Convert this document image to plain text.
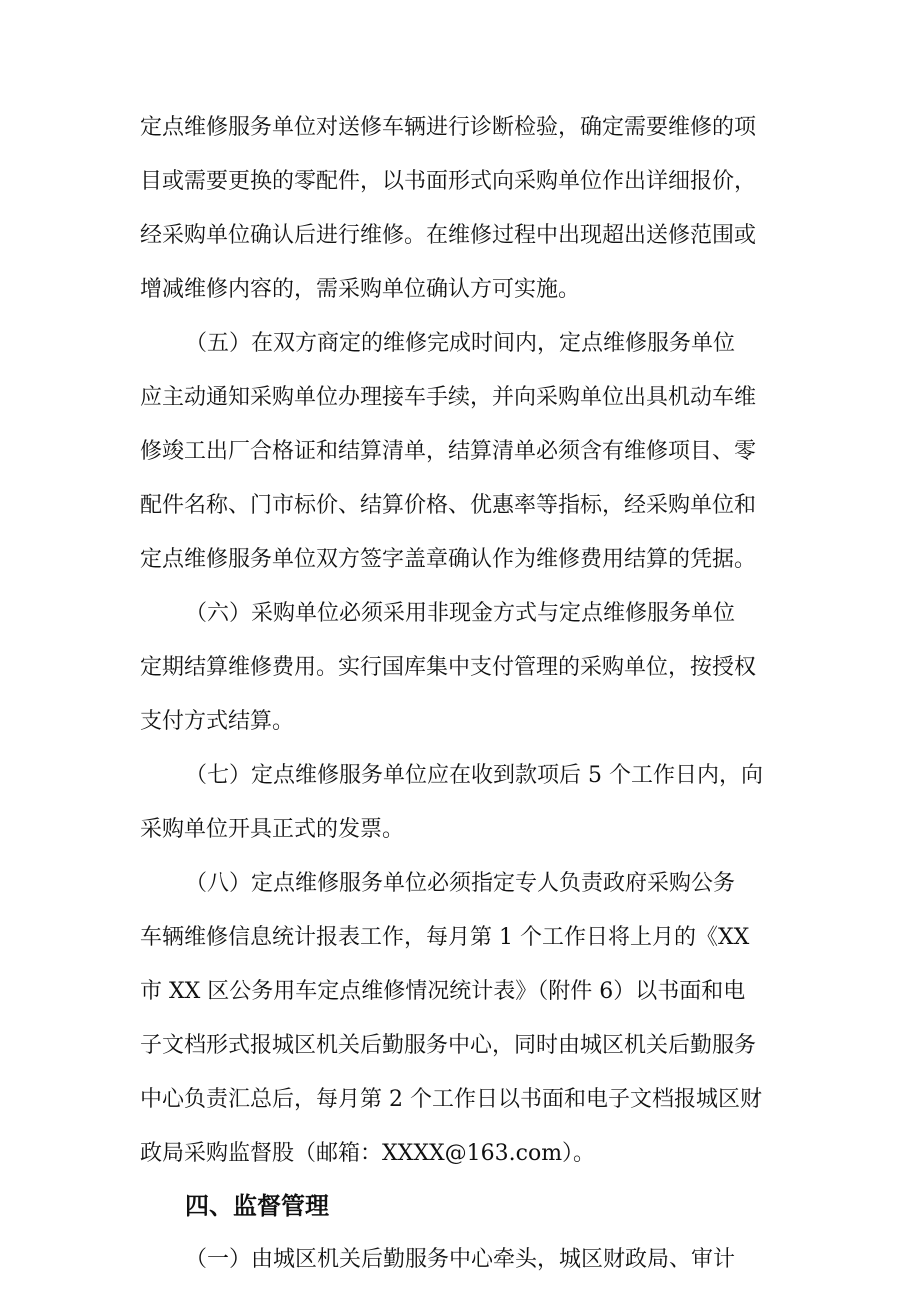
定点维修服务单位对送修车辆进行诊断检验，确定需要维修的项
目或需要更换的零配件，以书面形式向采购单位作出详细报价，
经采购单位确认后进行维修。在维修过程中出现超出送修范围或
增减维修内容的，需采购单位确认方可实施。
（五）在双方商定的维修完成时间内，定点维修服务单位
应主动通知采购单位办理接车手续，并向采购单位出具机动车维
修竣工出厂合格证和结算清单，结算清单必须含有维修项目、零
配件名称、门市标价、结算价格、优惠率等指标，经采购单位和
定点维修服务单位双方签字盖章确认作为维修费用结算的凭据。
（六）采购单位必须采用非现金方式与定点维修服务单位
定期结算维修费用。实行国库集中支付管理的采购单位，按授权
支付方式结算。
（七）定点维修服务单位应在收到款项后 5 个工作日内，向
采购单位开具正式的发票。
（八）定点维修服务单位必须指定专人负责政府采购公务
车辆维修信息统计报表工作，每月第 1 个工作日将上月的《XX
市 XX 区公务用车定点维修情况统计表》（附件 6）以书面和电
子文档形式报城区机关后勤服务中心，同时由城区机关后勤服务
中心负责汇总后，每月第 2 个工作日以书面和电子文档报城区财
政局采购监督股（邮箱：XXXX@163.com）。
四、监督管理
（一）由城区机关后勤服务中心牵头，城区财政局、审计
